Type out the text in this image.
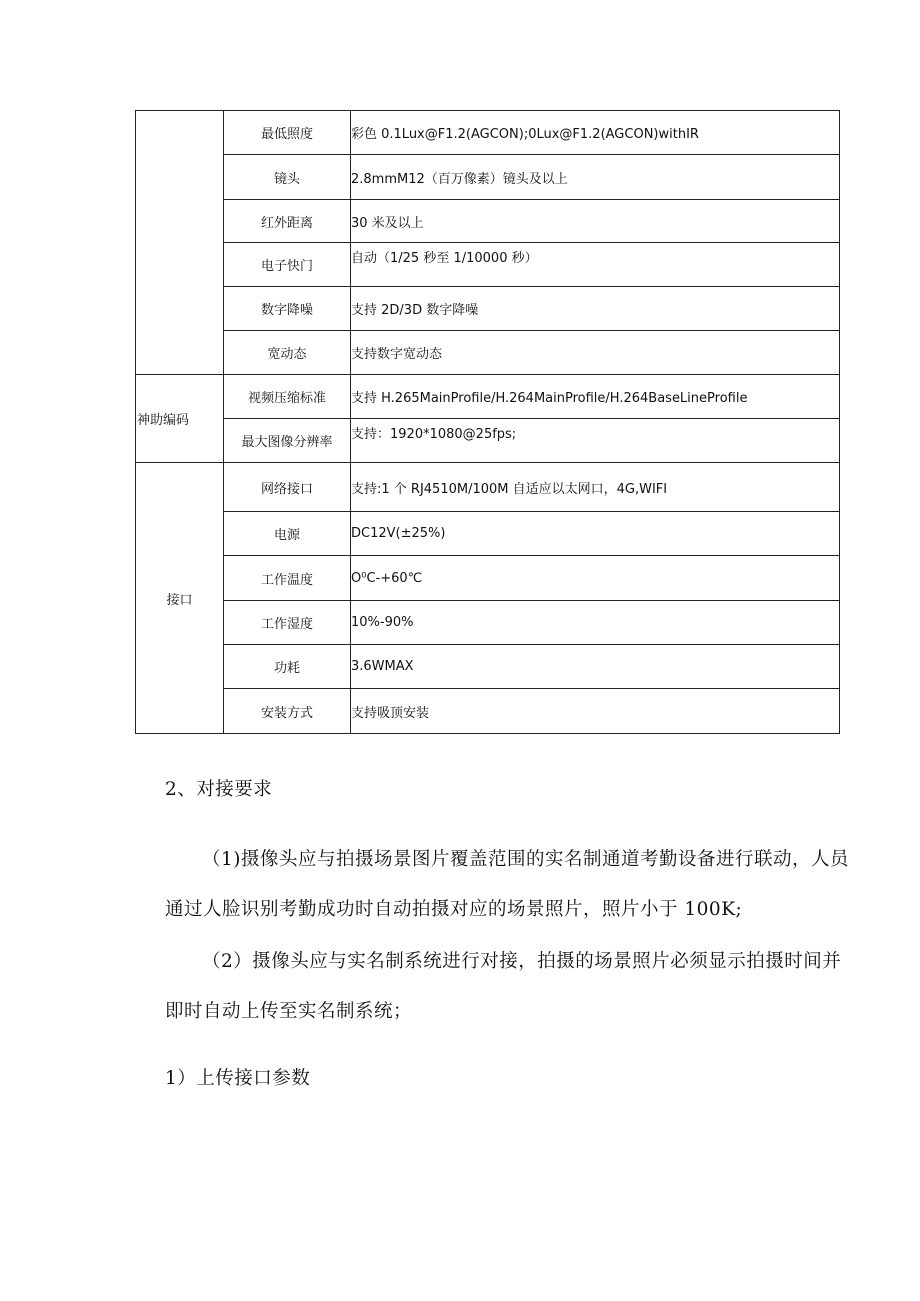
	最低照度	彩色 0.1Lux@F1.2(AGCON);0Lux@F1.2(AGCON)withIR
	镜头	2.8mmM12（百万像素）镜头及以上
	红外距离	30 米及以上
	电子快门	自动（1/25 秒至 1/10000 秒）
	数字降噪	支持 2D/3D 数字降噪
	宽动态	支持数字宽动态
神助编码	视频压缩标准	支持 H.265MainProfile/H.264MainProfile/H.264BaseLineProfile
	最大图像分辨率	支持：1920*1080@25fps;
接口	网络接口	支持:1 个 RJ4510M/100M 自适应以太网口，4G,WIFI
	电源	DC12V(±25%)
	工作温度	O⁰C-+60℃
	工作湿度	10%-90%
	功耗	3.6WMAX
	安装方式	支持吸顶安装

2、对接要求

（1)摄像头应与拍摄场景图片覆盖范围的实名制通道考勤设备进行联动，人员通过人脸识别考勤成功时自动拍摄对应的场景照片，照片小于 100K;

（2）摄像头应与实名制系统进行对接，拍摄的场景照片必须显示拍摄时间并即时自动上传至实名制系统；

1）上传接口参数
